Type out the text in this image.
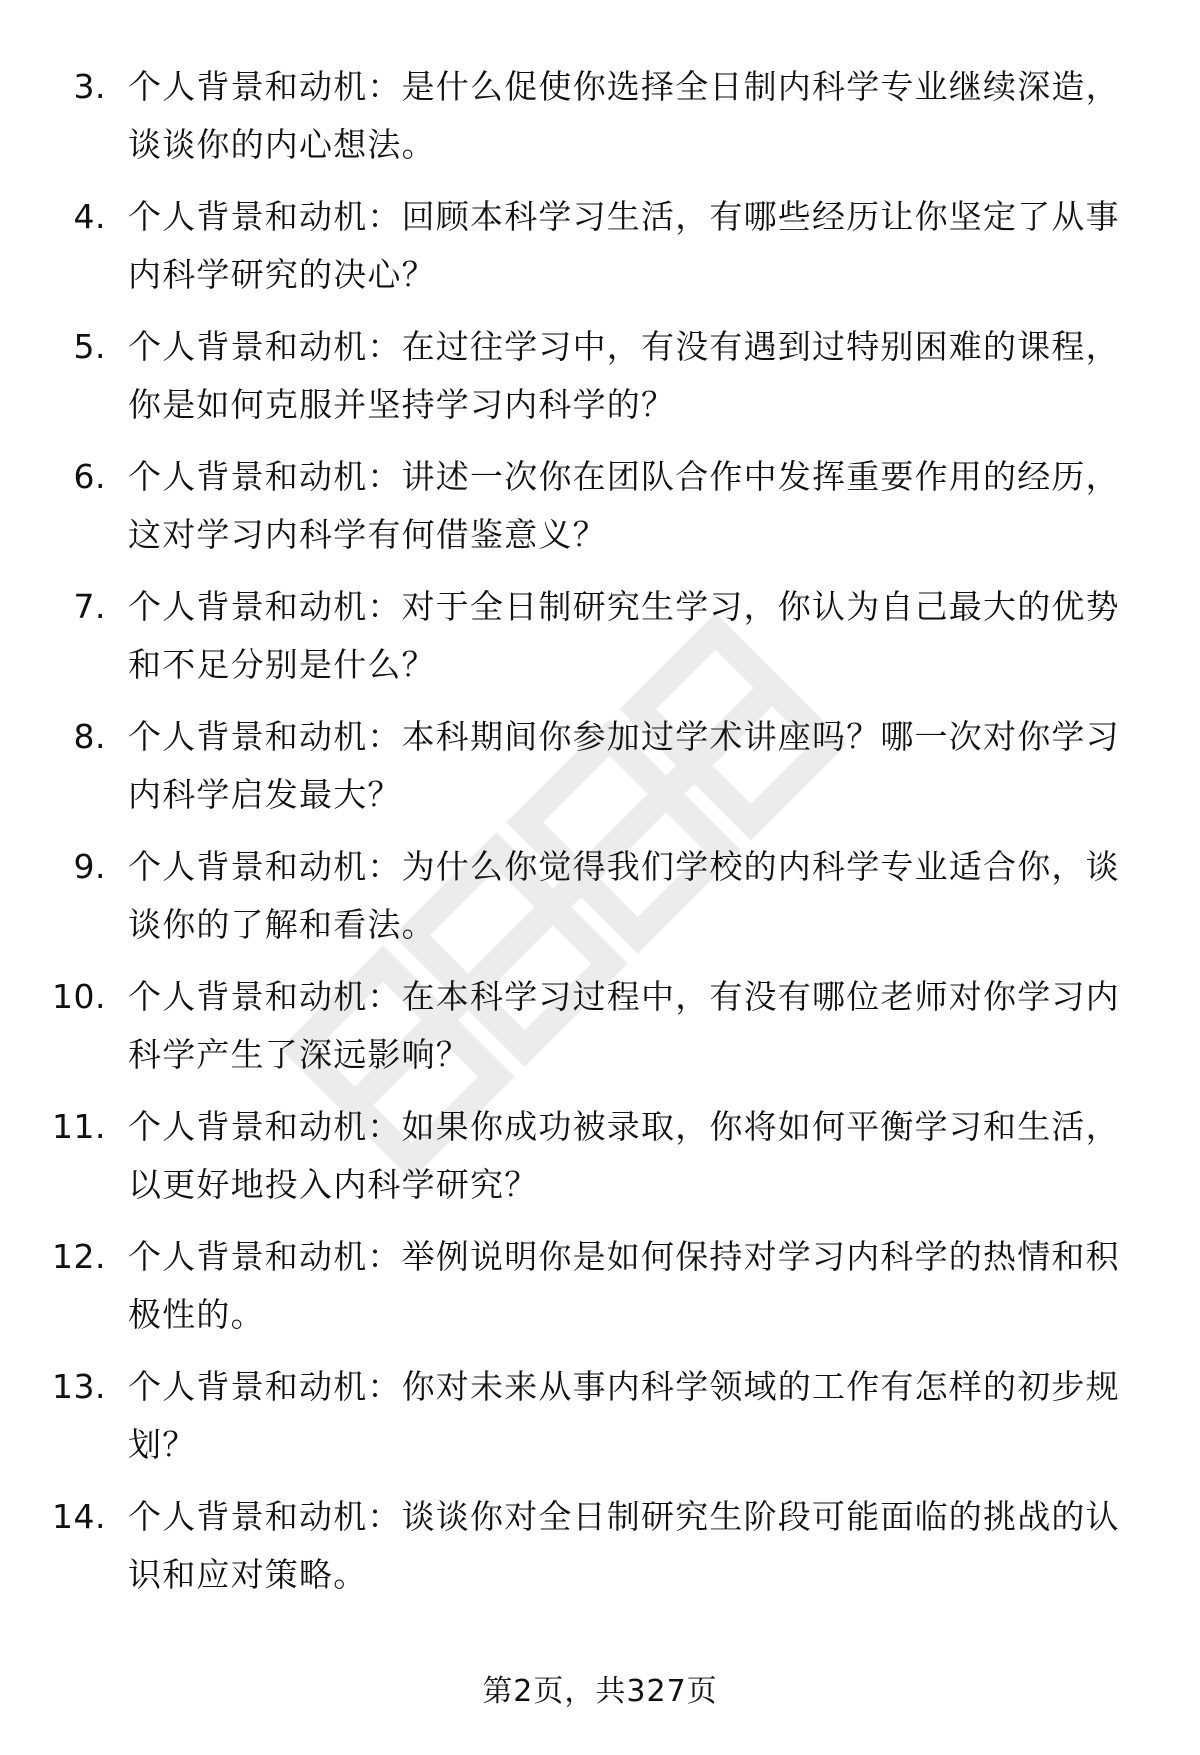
3. 个人背景和动机：是什么促使你选择全日制内科学专业继续深造，谈谈你的内心想法。
4. 个人背景和动机：回顾本科学习生活，有哪些经历让你坚定了从事内科学研究的决心？
5. 个人背景和动机：在过往学习中，有没有遇到过特别困难的课程，你是如何克服并坚持学习内科学的？
6. 个人背景和动机：讲述一次你在团队合作中发挥重要作用的经历，这对学习内科学有何借鉴意义？
7. 个人背景和动机：对于全日制研究生学习，你认为自己最大的优势和不足分别是什么？
8. 个人背景和动机：本科期间你参加过学术讲座吗？哪一次对你学习内科学启发最大？
9. 个人背景和动机：为什么你觉得我们学校的内科学专业适合你，谈谈你的了解和看法。
10. 个人背景和动机：在本科学习过程中，有没有哪位老师对你学习内科学产生了深远影响？
11. 个人背景和动机：如果你成功被录取，你将如何平衡学习和生活，以更好地投入内科学研究？
12. 个人背景和动机：举例说明你是如何保持对学习内科学的热情和积极性的。
13. 个人背景和动机：你对未来从事内科学领域的工作有怎样的初步规划？
14. 个人背景和动机：谈谈你对全日制研究生阶段可能面临的挑战的认识和应对策略。
第2页，共327页
